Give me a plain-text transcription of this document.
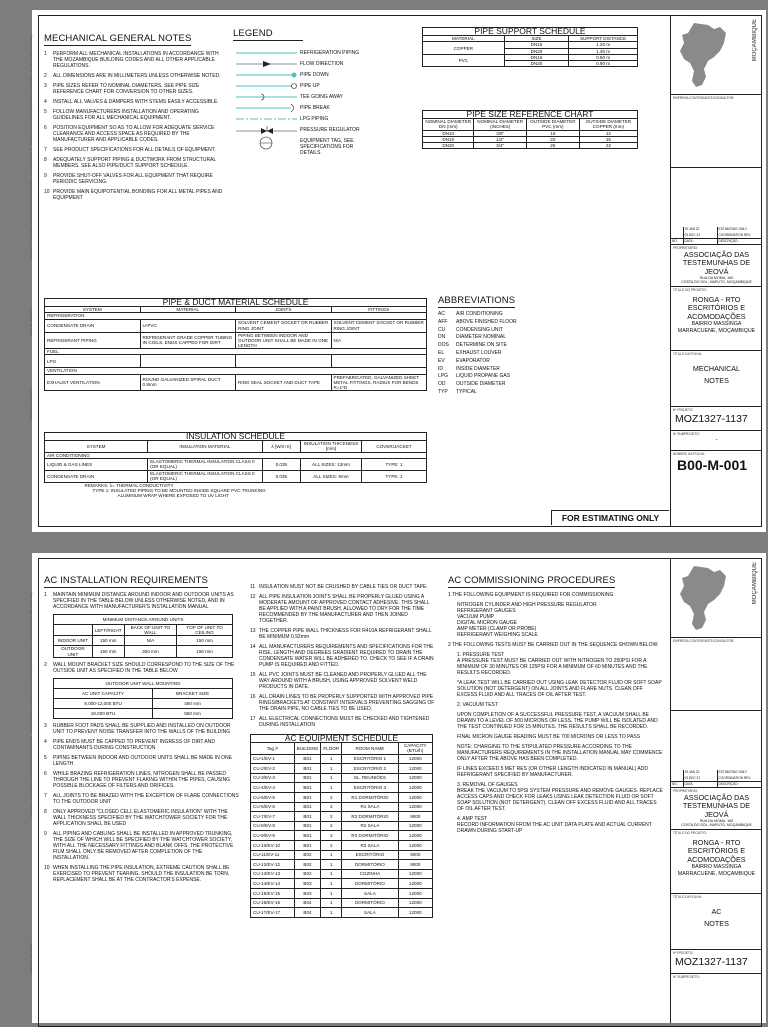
DANGOFT: 09.02.2022
DMOLE2: 15/10/22
FILE PATH: 1 Cloud\Nate Garrtel\Nettinas\Mozambique\RCU - File Interpretation (K: Construction Documents)\(1)\MOZ1327\Technical\RCU-MOZ01327-B00-M-001.dwg MECHANICAL GENERAL NOTES
1	PERFORM ALL MECHANICAL INSTALLATIONS IN ACCORDANCE WITH THE MOZAMBIQUE BUILDING CODES AND ALL OTHER APPLICABLE REGULATIONS.
2	ALL DIMENSIONS ARE IN MILLIMETERS UNLESS OTHERWISE NOTED.
3	PIPE SIZES REFER TO NOMINAL DIAMETERS. SEE PIPE SIZE REFERENCE CHART FOR CONVERSION TO OTHER SIZES.
4	INSTALL ALL VALVES & DAMPERS WITH STEMS EASILY ACCESSIBLE.
5	FOLLOW MANUFACTURERS INSTALLATION AND OPERATING GUIDELINES FOR ALL MECHANICAL EQUIPMENT.
6	POSITION EQUIPMENT SO AS TO ALLOW FOR ADEQUATE SERVICE CLEARANCE AND ACCESS SPACE AS REQUIRED BY THE MANUFACTURER AND APPLICABLE CODES.
7	SEE PRODUCT SPECIFICATIONS FOR ALL DETAILS OF EQUIPMENT.
8	ADEQUATELY SUPPORT PIPING & DUCTWORK FROM STRUCTURAL MEMBERS. SEE ALSO PIPE/DUCT SUPPORT SCHEDULE.
9	PROVIDE SHUT-OFF VALVES FOR ALL EQUIPMENT THAT REQUIRE PERIODIC SERVICING.
10 PROVIDE MAIN EQUIPOTENTIAL BONDING FOR ALL METAL PIPES AND EQUIPMENT
LEGEND
REFRIGERATION PIPING
FLOW DIRECTION
PIPE DOWN
PIPE UP
TEE GOING AWAY
PIPE BREAK
LPG PIPING
PRESSURE REGULATOR
EQUIPMENT TAG, SEE SPECIFICATIONS FOR DETAILS
PIPE SUPPORT SCHEDULE		
MATERIAL	SIZE	SUPPORT DISTANCE
COPPER	DN15	1.20 m
	DN20	1.30 m
PVC	DN15	0.80 m
	DN20	0.90 m
PIPE SIZE REFERENCE CHART			
NOMINAL DIAMETER DN (mm)	NOMINAL DIAMETER (INCHES)	OUTSIDE DIAMETER PVC (mm)	OUTSIDE DIAMETER COPPER (mm)
DN10	3/8"	16	12
DN15	1/2"	20	15
DN20	3/4"	25	22
PIPE & DUCT MATERIAL SCHEDULE			
SYSTEM	MATERIAL	JOINTS	FITTINGS
REFRIGERATION			
CONDENSATE DRAIN	U-PVC	SOLVENT CEMENT SOCKET OR RUBBER RING JOINT	SOLVENT CEMENT SOCKET OR RUBBER RING JOINT
REFRIGERANT PIPING	REFRIGERANT GRADE COPPER TUBING IN COILS. ENDS CAPPED FOR DIRT	PIPING BETWEEN INDOOR AND OUTDOOR UNIT SHALL BE MADE IN ONE LENGTH	N/A
FUEL			
LPG			
VENTILATION			
EXHAUST VENTILATION	ROUND GALVANIZED SPIRAL DUCT 0.8mm	RING SEAL SOCKET AND DUCT TAPE	PREFABRICATED, GALVANIZED SHEET METAL FITTINGS, RADIUS FOR BENDS R=1*D
ABBREVIATIONS
AC	AIR CONDITIONING
AFF	ABOVE FINISHED FLOOR
CU	CONDENSING UNIT
DN	DIAMETER NOMINAL
DOS	DETERMINE ON SITE
EL	EXHAUST LOUVER
EV	EVAPORATOR
ID	INSIDE DIAMETER
LPG	LIQUID PROPANE GAS
OD	OUTSIDE DIAMETER
TYP	TYPICAL
INSULATION SCHEDULE				
SYSTEM	INSULATION MATERIAL	λ [W/m K]	INSULATION THICKNESS [mm]	COVER/JACKET
AIR CONDITIONING				
LIQUID & GAS LINES	ELASTOMERIC THERMAL INSULATION CLASS 0 (OR EQUAL)	0.035	ALL SIZES: 13mm	TYPE: 1
CONDENSATE DRAIN	ELASTOMERIC THERMAL INSULATION CLASS 0 (OR EQUAL)	0.035	ALL SIZES: 9mm	TYPE: 1

REMARKS: λ= THERMAL CONDUCTIVITY
TYPE 1: INSULATED PIPING TO BE MOUNTED INSIDE SQUARE PVC TRUNKING
ALUMINUM WRAP WHERE EXPOSED TO UV LIGHT				
FOR ESTIMATING ONLY
MOÇAMBIQUE
EMPRESA CONTRATANTE/CONSULTOR:
	19 JAN 22	ESTIMATING ONLY
	03 DEC 22	COORDINATION REV.
NO.	DATA:	DESCRIÇÃO:
PROPRIETÁRIO:
ASSOCIAÇÃO DAS
TESTEMUNHAS DE JEOVÁ
RUA DA MOMA, 160
COSTA DO SOL, MAPUTO, MOÇAMBIQUE
TÍTULO DO PROJETO:
RONGA - RTO
ESCRITÓRIOS E ACOMODAÇÕES
BAIRRO MASSINGA
MARRACUENE, MOÇAMBIQUE
TÍTULO DA FOLHA:
MECHANICAL
NOTES
Nº PROJETO:
MOZ1327-1137
Nº SUBPROJETO:
-
NÚMERO DA FOLHA:
B00-M-001
DANGOFT: 09.02.2022
FILE PATH: 1 Cloud\Nate Garrtel\Nettinas\Mozambique\RCU - File Interpretation (K: Construction Documents)\(1)\MOZ1327\Technical\RCU-MOZ01327-B00-M-002.dwg
AC INSTALLATION REQUIREMENTS
1	MAINTAIN MINIMUM DISTANCE AROUND INDOOR AND OUTDOOR UNITS AS SPECIFIED IN THE TABLE BELOW UNLESS OTHERWISE NOTED, AND IN ACCORDANCE WITH MANUFACTURER'S INSTALLATION MANUAL
MINIMUM DISTANCE AROUND UNITS			
	LEFT/RIGHT	BACK OF UNIT TO WALL	TOP OF UNIT TO CEILING
INDOOR UNIT	150 mm	N/A	150 mm
OUTDOOR UNIT	150 mm	300 mm	150 mm
2	WALL MOUNT BRACKET SIZE SHOULD CORRESPOND TO THE SIZE OF THE OUTSIDE UNIT AS SPECIFIED IN THE TABLE BELOW
OUTDOOR UNIT WALL MOUNTING	
AC UNIT CAPACITY	BRACKET SIZE
9,000-12,000 BTU	450 mm
18,000 BTU	550 mm
3	RUBBER FOOT PADS SHALL BE SUPPLIED AND INSTALLED ON OUTDOOR UNIT TO PREVENT NOISE TRANSFER INTO THE WALLS OF THE BUILDING
4	PIPE ENDS MUST BE CAPPED TO PREVENT INGRESS OF DIRT AND CONTAMINANTS DURING CONSTRUCTION
5	PIPING BETWEEN INDOOR AND OUTDOOR UNITS SHALL BE MADE IN ONE LENGTH
6	WHILE BRAZING REFRIGERATION LINES, NITROGEN SHALL BE PASSED THROUGH THE LINE TO PREVENT FLAKING WITHIN THE PIPES, CAUSING POSSIBLE BLOCKAGE OF FILTERS AND ORIFICES.
7	ALL JOINTS TO BE BRAZED WITH THE EXCEPTION OF FLARE CONNECTIONS TO THE OUTDOOR UNIT
8	ONLY APPROVED "CLOSED CELL ELASTOMERIC INSULATION" WITH THE WALL THICKNESS SPECIFIED BY THE WATCHTOWER SOCIETY FOR THE APPLICATION SHALL BE USED
9	ALL PIPING AND CABLING SHALL BE INSTALLED IN APPROVED TRUNKING, THE SIZE OF WHICH WILL BE SPECIFIED BY THE WATCHTOWER SOCIETY, WITH ALL THE NECESSARY FITTINGS AND BLANK OFFS. THE PROTECTIVE FILM SHALL ONLY BE REMOVED AFTER COMPLETION OF THE INSTALLATION.
10 WHEN INSTALLING THE PIPE INSULATION, EXTREME CAUTION SHALL BE EXERCISED TO PREVENT TEARING. SHOULD THE INSULATION BE TORN, REPLACEMENT SHALL BE AT THE CONTRACTOR'S EXPENSE.
11 INSULATION MUST NOT BE CRUSHED BY CABLE TIES OR DUCT TAPE.
12 ALL PIPE INSULATION JOINTS SHALL BE PROPERLY GLUED USING A MODERATE AMOUNT OF APPROVED CONTACT ADHESIVE. THIS SHALL BE APPLIED WITH A PAINT BRUSH, ALLOWED TO DRY FOR THE TIME RECOMMENDED BY THE MANUFACTURER AND THEN JOINED TOGETHER.
13 THE COPPER PIPE WALL THICKNESS FOR R410A REFRIGERANT SHALL BE MINIMUM 0.92mm
14 ALL MANUFACTURERS REQUIREMENTS AND SPECIFICATIONS FOR THE RISE, LENGTH AND DEGREES GRADIENT REQUIRED TO DRAIN THE CONDENSATE WATER WILL BE ADHERED TO. CHECK TO SEE IF A DRAIN PUMP IS REQUIRED AND FITTED.
15 ALL PVC JOINTS MUST BE CLEANED AND PROPERLY GLUED ALL THE WAY AROUND WITH A BRUSH, USING APPROVED SOLVENT WELD PRODUCTS IN DATE.
16 ALL DRAIN LINES TO BE PROPERLY SUPPORTED WITH APPROVED PIPE RINGS/BRACKETS AT CONSTANT INTERVALS PREVENTING SAGGING OF THE DRAIN PIPE, NO CABLE TIES TO BE USED.
17 ALL ELECTRICAL CONNECTIONS MUST BE CHECKED AND TIGHTENED DURING INSTALLATION
AC EQUIPMENT SCHEDULE				
Tag #	BUILDING	FLOOR	ROOM NAME	CAPACITY (BTU/h)
CU-1/EV-1	B01	1	ESCRITÓRIO 1	12000
CU-2/EV-2	B01	1	ESCRITÓRIO 2	12000
CU-3/EV-3	B01	1	SL. REUNIÕES	12000
CU-4/EV-4	B01	1	ESCRITÓRIO 3	12000
CU-5/EV-5	B01	2	R1 DORMITÓRIO	12000
CU-6/EV-6	B01	2	R1 SALA	12000
CU-7/EV-7	B01	2	R2 DORMITÓRIO	9000
CU-8/EV-8	B01	2	R2 SALA	12000
CU-9/EV-9	B01	2	R3 DORMITÓRIO	12000
CU-10/EV-10	B01	2	R3 SALA	12000
CU-11/EV-11	B02	1	ESCRITÓRIO	9000
CU-12/EV-12	B02	1	DORMITÓRIO	9000
CU-13/EV-13	B02	1	COZINHA	12000
CU-14/EV-14	B03	1	DORMITÓRIO	12000
CU-15/EV-15	B03	1	SALA	12000
CU-16/EV-16	B04	1	DORMITÓRIO	12000
CU-17/EV-17	B04	1	SALA	12000
AC COMMISSIONING PROCEDURES
1 THE FOLLOWING EQUIPMENT IS REQUIRED FOR COMMISSIONING:
NITROGEN CYLINDER AND HIGH PRESSURE REGULATOR
REFRIGERANT GAUGES
VACUUM PUMP
DIGITAL MICRON GAUGE
AMP METER (CLAMP OR PROBE)
REFRIGERANT WEIGHING SCALE
2 THE FOLLOWING TESTS MUST BE CARRIED OUT IN THE SEQUENCE SHOWN BELOW:
1. PRESSURE TEST
A PRESSURE TEST MUST BE CARRIED OUT WITH NITROGEN TO 250PSI FOR A MINIMUM OF 30 MINUTES OR 125PSI FOR A MINIMUM OF 60 MINUTES AND THE RESULTS RECORDED.
*A LEAK TEST WILL BE CARRIED OUT USING LEAK DETECTOR FLUID OR SOFT SOAP SOLUTION (NOT DETERGENT) ON ALL JOINTS AND FLARE NUTS. CLEAN OFF EXCESS FLUID AND ALL TRACES OF OIL AFTER TEST.
2. VACUUM TEST
UPON COMPLETION OF A SUCCESSFUL PRESSURE TEST, A VACUUM SHALL BE DRAWN TO A LEVEL OF 500 MICRONS OR LESS. THE PUMP WILL BE ISOLATED AND THE TEST CONTINUED FOR 15 MINUTES. THE RESULTS SHALL BE RECORDED.
FINAL MICRON GAUGE READING MUST BE 700 MICRONS OR LESS TO PASS
NOTE: CHARGING TO THE STIPULATED PRESSURE ACCORDING TO THE MANUFACTURERS REQUIREMENTS IN THE INSTALLATION MANUAL MAY COMMENCE ONLY AFTER THE ABOVE HAS BEEN COMPLETED.
IF LINES EXCEED 5 MET RES (OR OTHER LENGTH INDICATED IN MANUAL) ADD REFRIGERANT SPECIFIED BY MANUFACTURER.
3. REMOVAL OF GAUGES
BREAK THE VACUUM TO 5PSI SYSTEM PRESSURE AND REMOVE GAUGES. REPLACE ACCESS CAPS AND CHECK FOR LEAKS USING LEAK DETECTION FLUID OR SOFT SOAP SOLUTION (NOT DETERGENT). CLEAN OFF EXCESS FLUID AND ALL TRACES OF OIL AFTER TEST.
4. AMP TEST
RECORD INFORMATION FROM THE AC UNIT DATA PLATE AND ACTUAL CURRENT DRAWN DURING START-UP
MOÇAMBIQUE
EMPRESA CONTRATANTE/CONSULTOR:
	19 JAN 22	ESTIMATING ONLY
	03 DEC 22	COORDINATION REV.
NO.	DATA:	DESCRIÇÃO:
PROPRIETÁRIO:
ASSOCIAÇÃO DAS
TESTEMUNHAS DE JEOVÁ
RUA DA MOMA, 160
COSTA DO SOL, MAPUTO, MOÇAMBIQUE
TÍTULO DO PROJETO:
RONGA - RTO
ESCRITÓRIOS E ACOMODAÇÕES
BAIRRO MASSINGA
MARRACUENE, MOÇAMBIQUE
TÍTULO DA FOLHA:
AC
NOTES
Nº PROJETO:
MOZ1327-1137
Nº SUBPROJETO:
